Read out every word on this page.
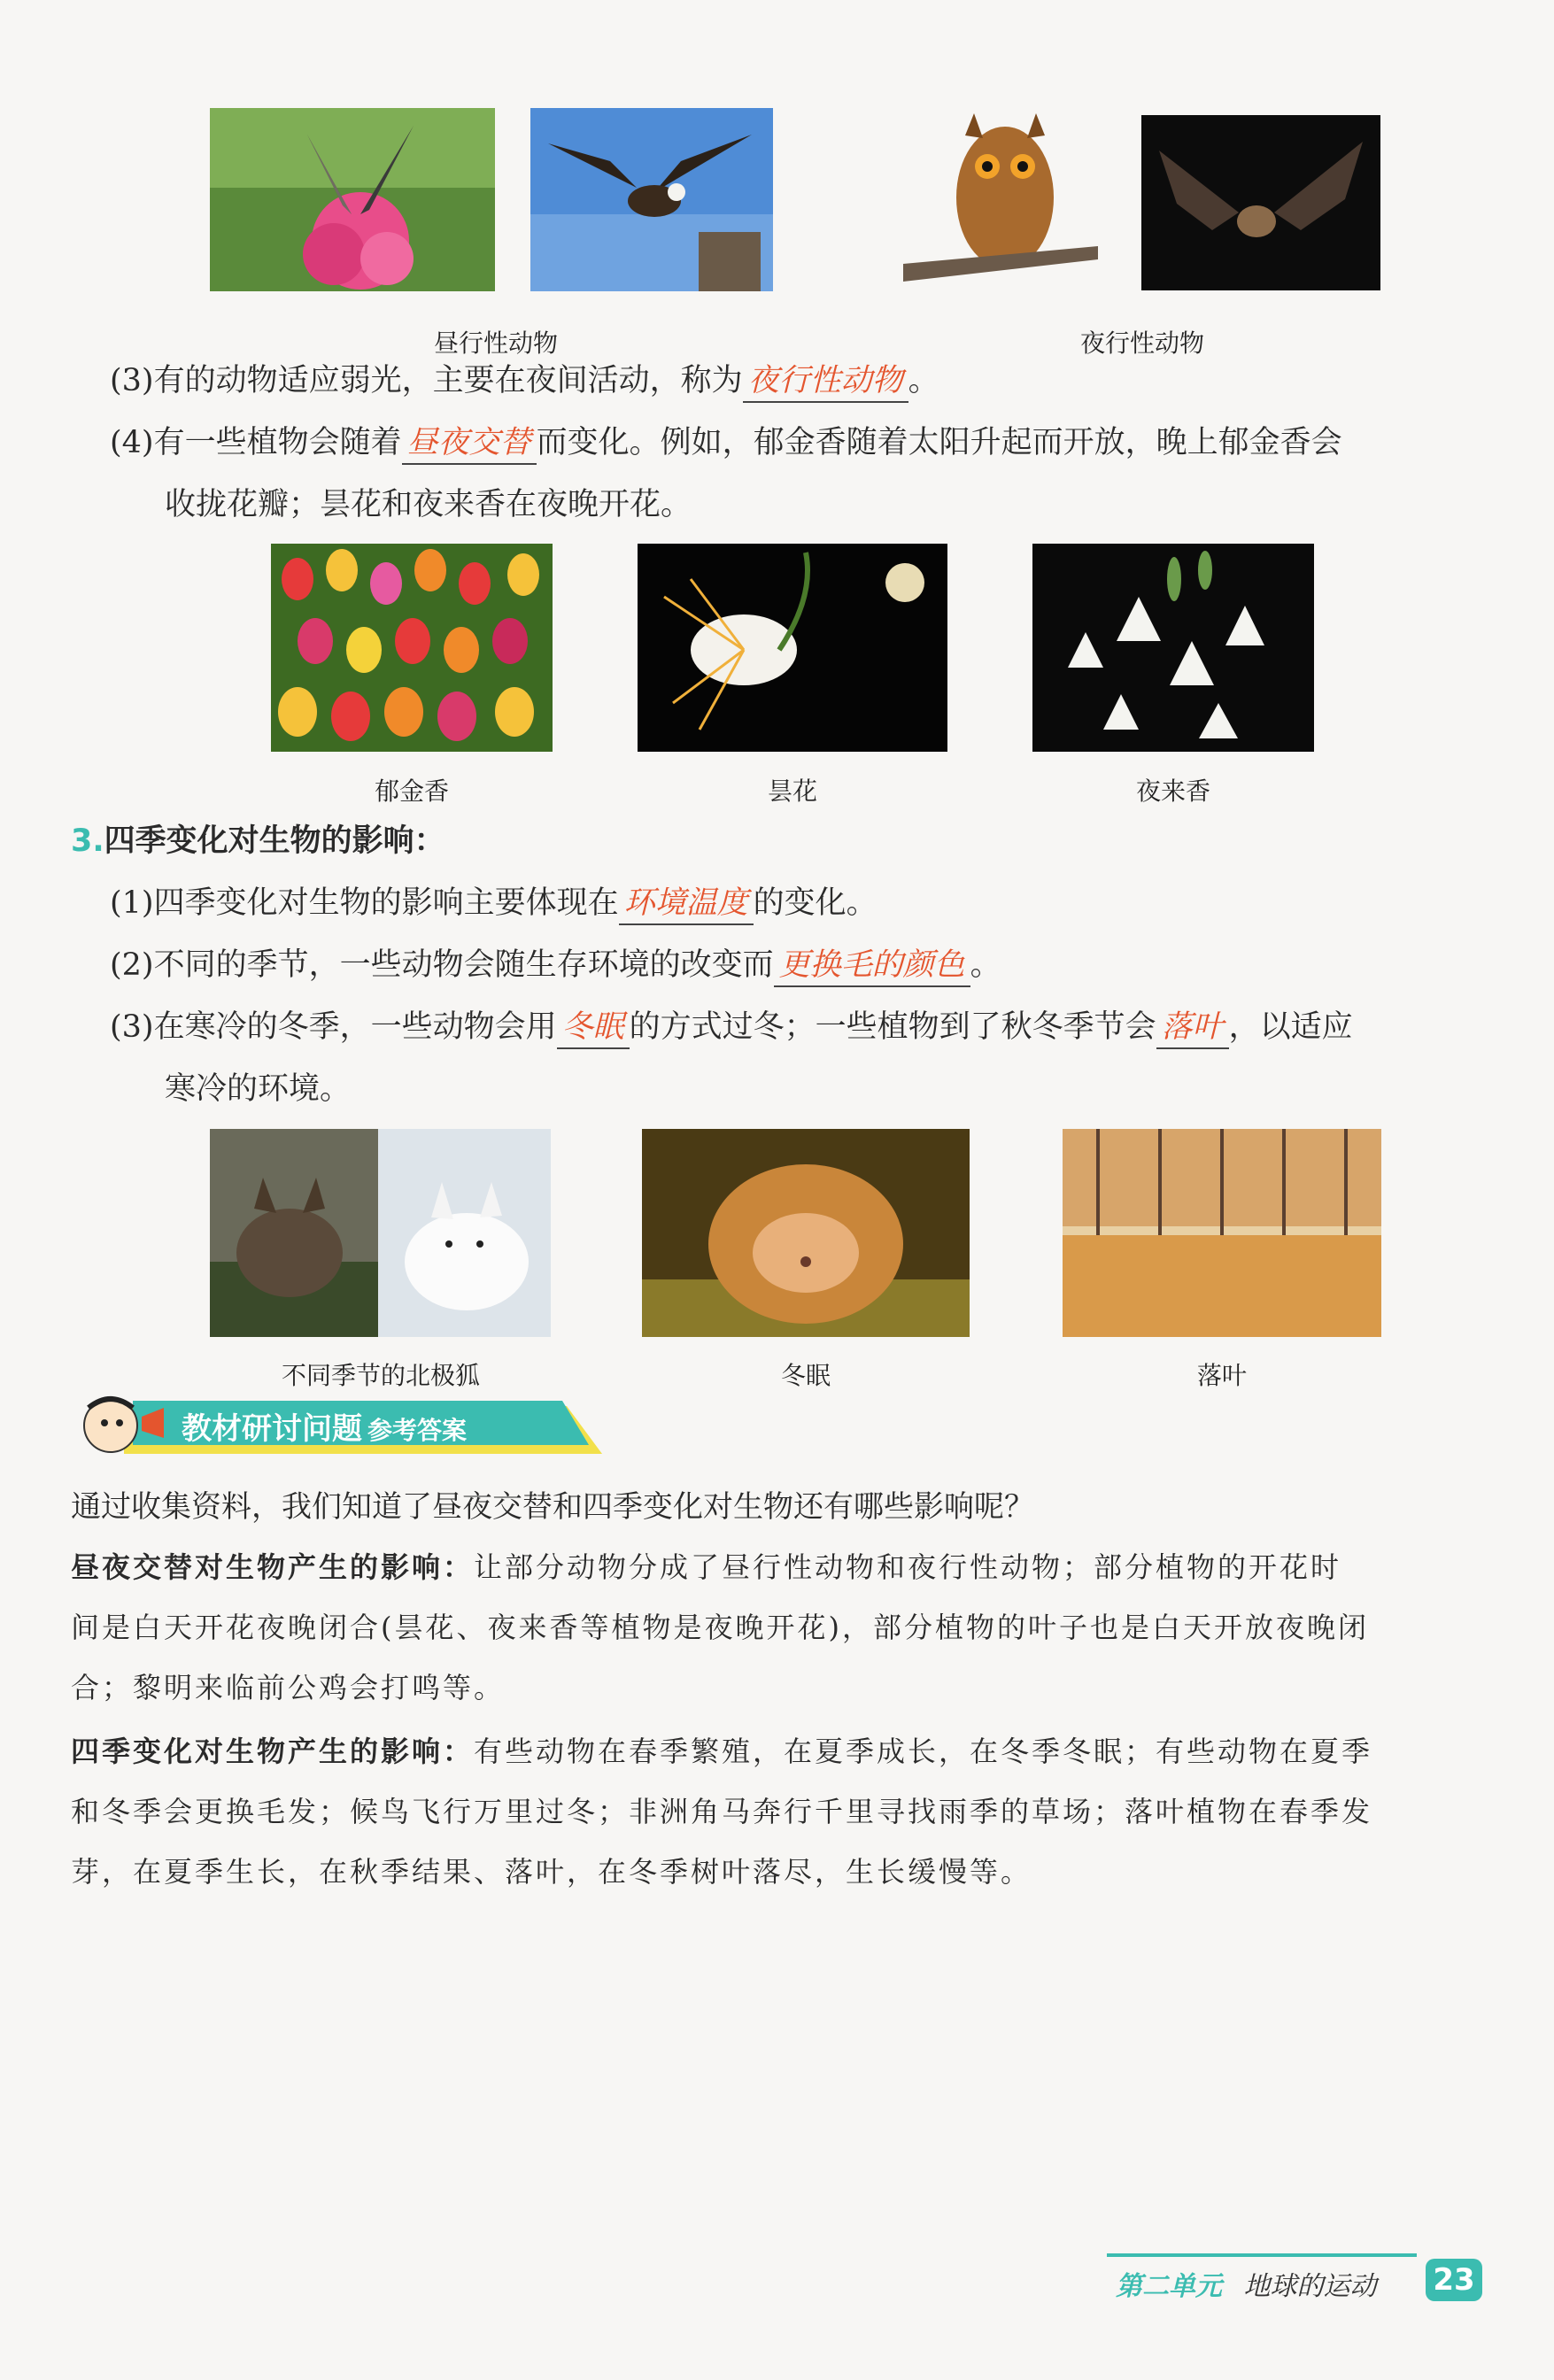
昼行性动物	夜行性动物
(3)有的动物适应弱光，主要在夜间活动，称为 夜行性动物 。
(4)有一些植物会随着 昼夜交替 而变化。例如，郁金香随着太阳升起而开放，晚上郁金香会
收拢花瓣；昙花和夜来香在夜晚开花。
郁金香	昙花	夜来香
3.四季变化对生物的影响：
(1)四季变化对生物的影响主要体现在 环境温度 的变化。
(2)不同的季节，一些动物会随生存环境的改变而 更换毛的颜色 。
(3)在寒冷的冬季，一些动物会用 冬眠 的方式过冬；一些植物到了秋冬季节会 落叶 ，以适应
寒冷的环境。
不同季节的北极狐	冬眠	落叶
教材研讨问题 参考答案
通过收集资料，我们知道了昼夜交替和四季变化对生物还有哪些影响呢？
昼夜交替对生物产生的影响：让部分动物分成了昼行性动物和夜行性动物；部分植物的开花时
间是白天开花夜晚闭合(昙花、夜来香等植物是夜晚开花)，部分植物的叶子也是白天开放夜晚闭
合；黎明来临前公鸡会打鸣等。
四季变化对生物产生的影响：有些动物在春季繁殖，在夏季成长，在冬季冬眠；有些动物在夏季
和冬季会更换毛发；候鸟飞行万里过冬；非洲角马奔行千里寻找雨季的草场；落叶植物在春季发
芽，在夏季生长，在秋季结果、落叶，在冬季树叶落尽，生长缓慢等。
第二单元 地球的运动 23
